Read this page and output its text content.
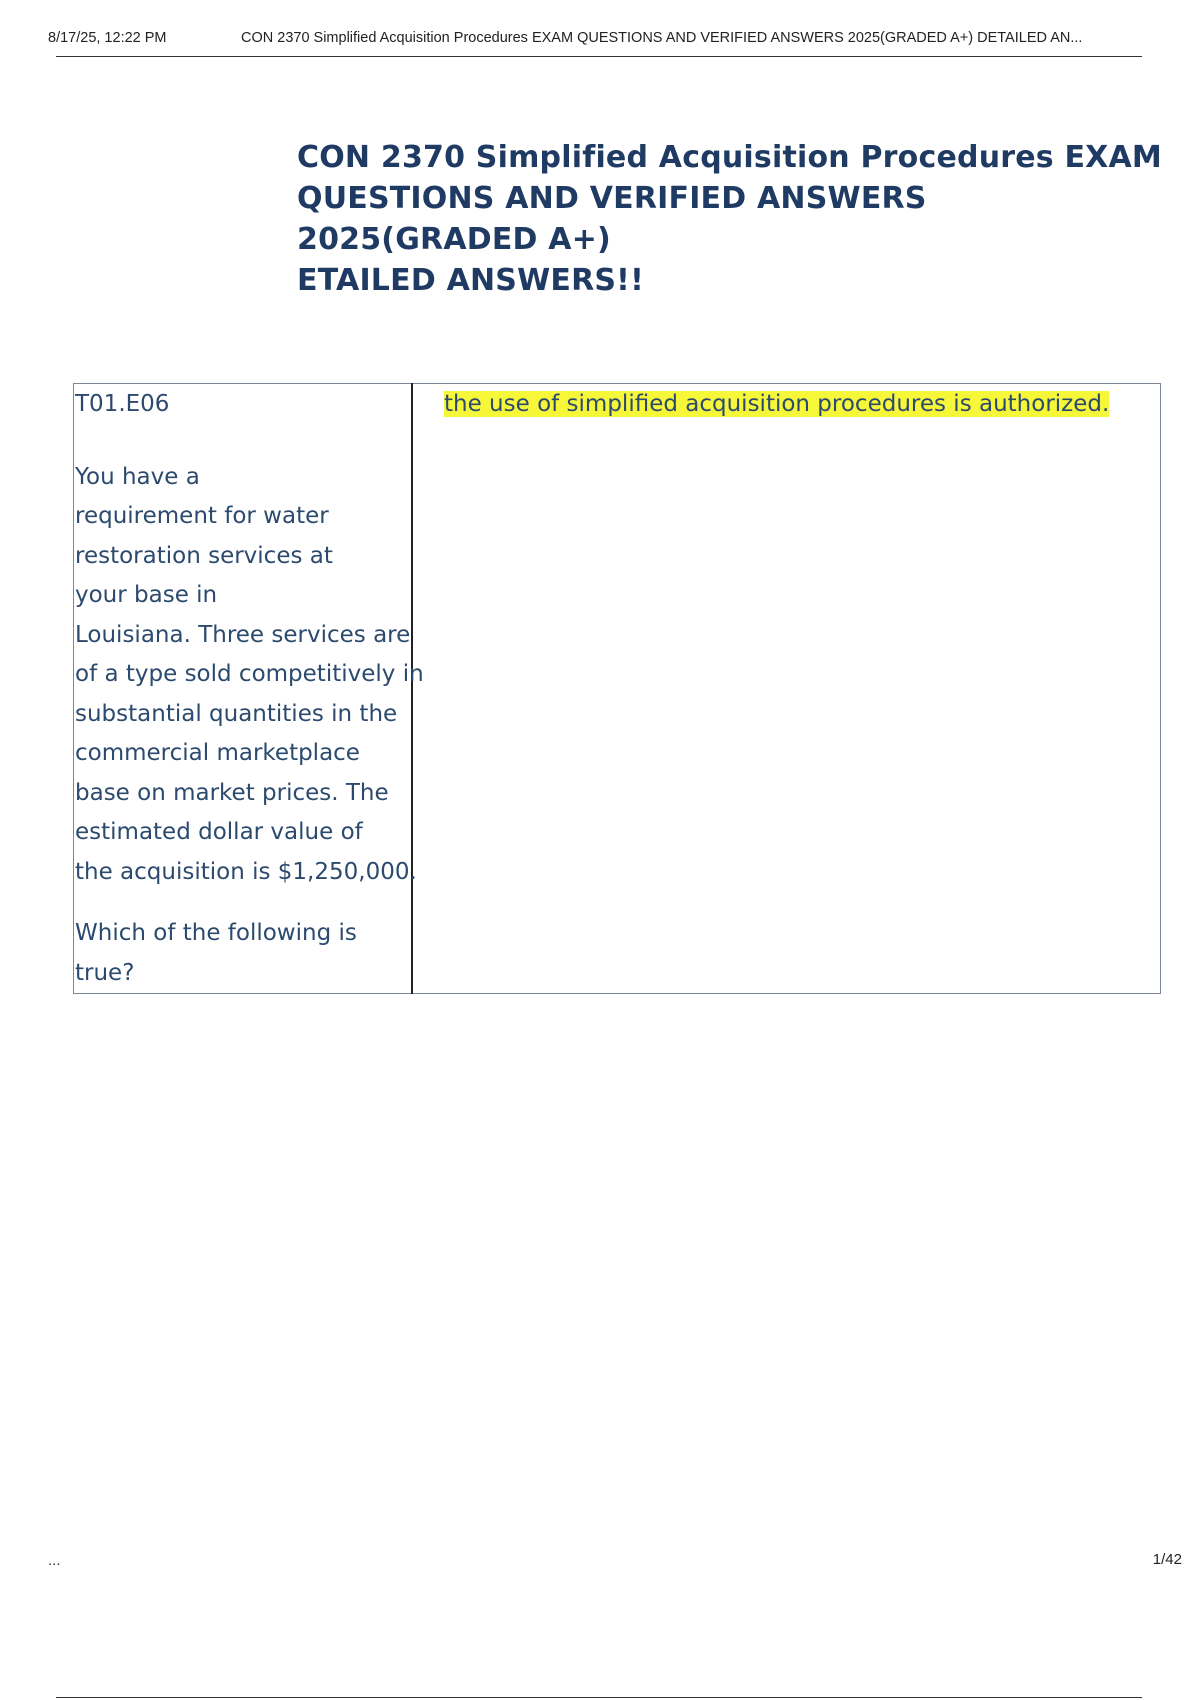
8/17/25, 12:22 PM	CON 2370 Simplified Acquisition Procedures EXAM QUESTIONS AND VERIFIED ANSWERS 2025(GRADED A+) DETAILED AN...
CON 2370 Simplified Acquisition Procedures EXAM
QUESTIONS AND VERIFIED ANSWERS 2025(GRADED A+)
ETAILED ANSWERS!!
T01.E06
You have a
requirement for water
restoration services at
your base in
Louisiana. Three services are
of a type sold competitively in
substantial quantities in the
commercial marketplace
base on market prices. The
estimated dollar value of
the acquisition is $1,250,000.
Which of the following is true?
	the use of simplified acquisition procedures is authorized.
...	1/42
